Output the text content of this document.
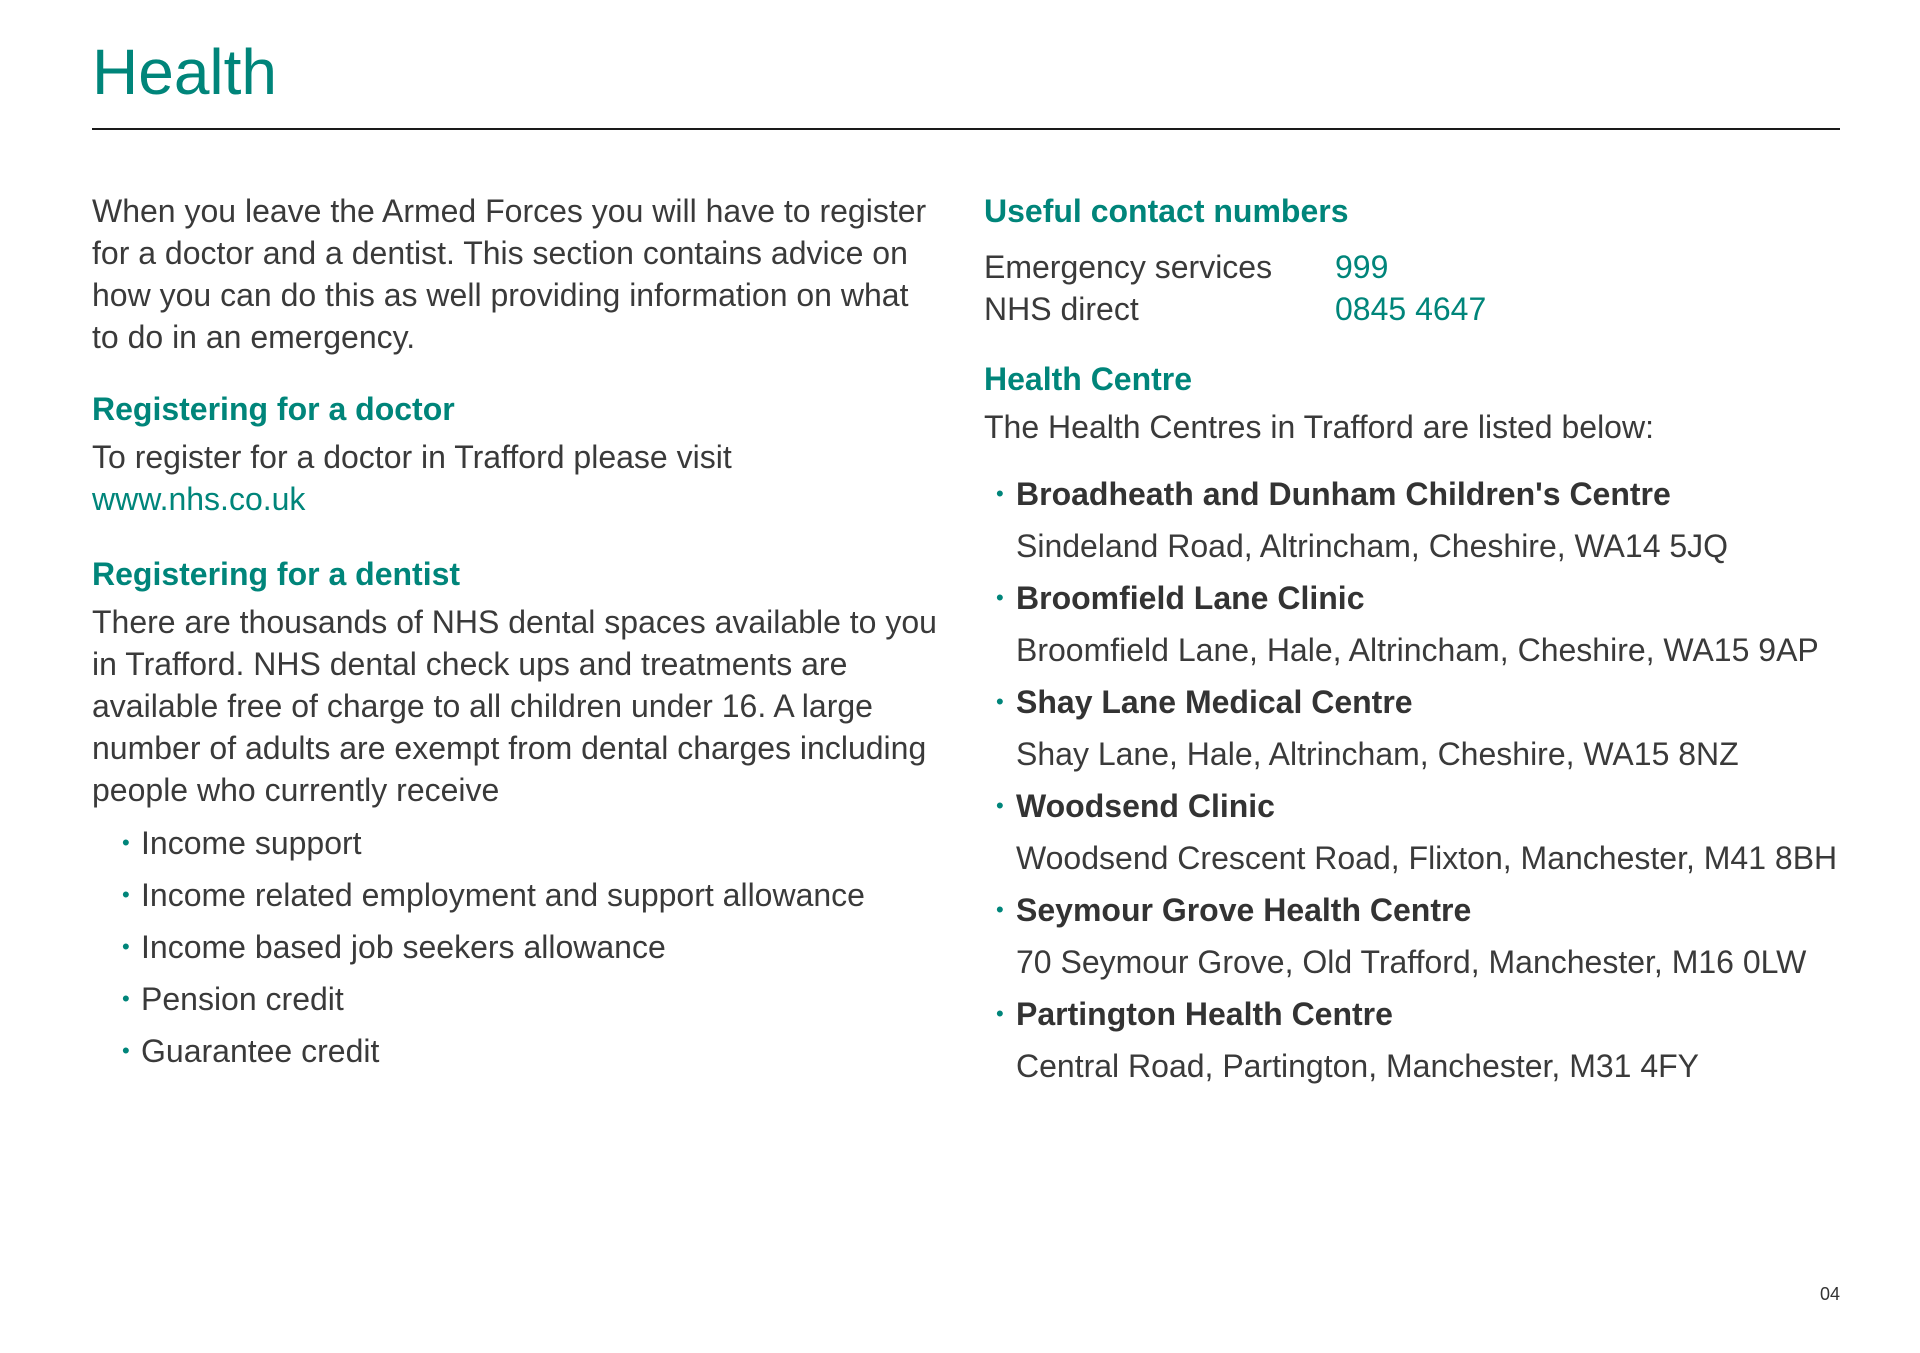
Health

When you leave the Armed Forces you will have to register for a doctor and a dentist. This section contains advice on how you can do this as well providing information on what to do in an emergency.

Registering for a doctor

To register for a doctor in Trafford please visit
www.nhs.co.uk

Registering for a dentist

There are thousands of NHS dental spaces available to you in Trafford. NHS dental check ups and treatments are available free of charge to all children under 16. A large number of adults are exempt from dental charges including people who currently receive

• Income support
• Income related employment and support allowance
• Income based job seekers allowance
• Pension credit
• Guarantee credit
Useful contact numbers
Emergency services	999
NHS direct	0845 4647
Health Centre

The Health Centres in Trafford are listed below:

• Broadheath and Dunham Children's Centre
Sindeland Road, Altrincham, Cheshire, WA14 5JQ
• Broomfield Lane Clinic
Broomfield Lane, Hale, Altrincham, Cheshire, WA15 9AP
• Shay Lane Medical Centre
Shay Lane, Hale, Altrincham, Cheshire, WA15 8NZ
• Woodsend Clinic
Woodsend Crescent Road, Flixton, Manchester, M41 8BH
• Seymour Grove Health Centre
70 Seymour Grove, Old Trafford, Manchester, M16 0LW
• Partington Health Centre
Central Road, Partington, Manchester, M31 4FY
04
